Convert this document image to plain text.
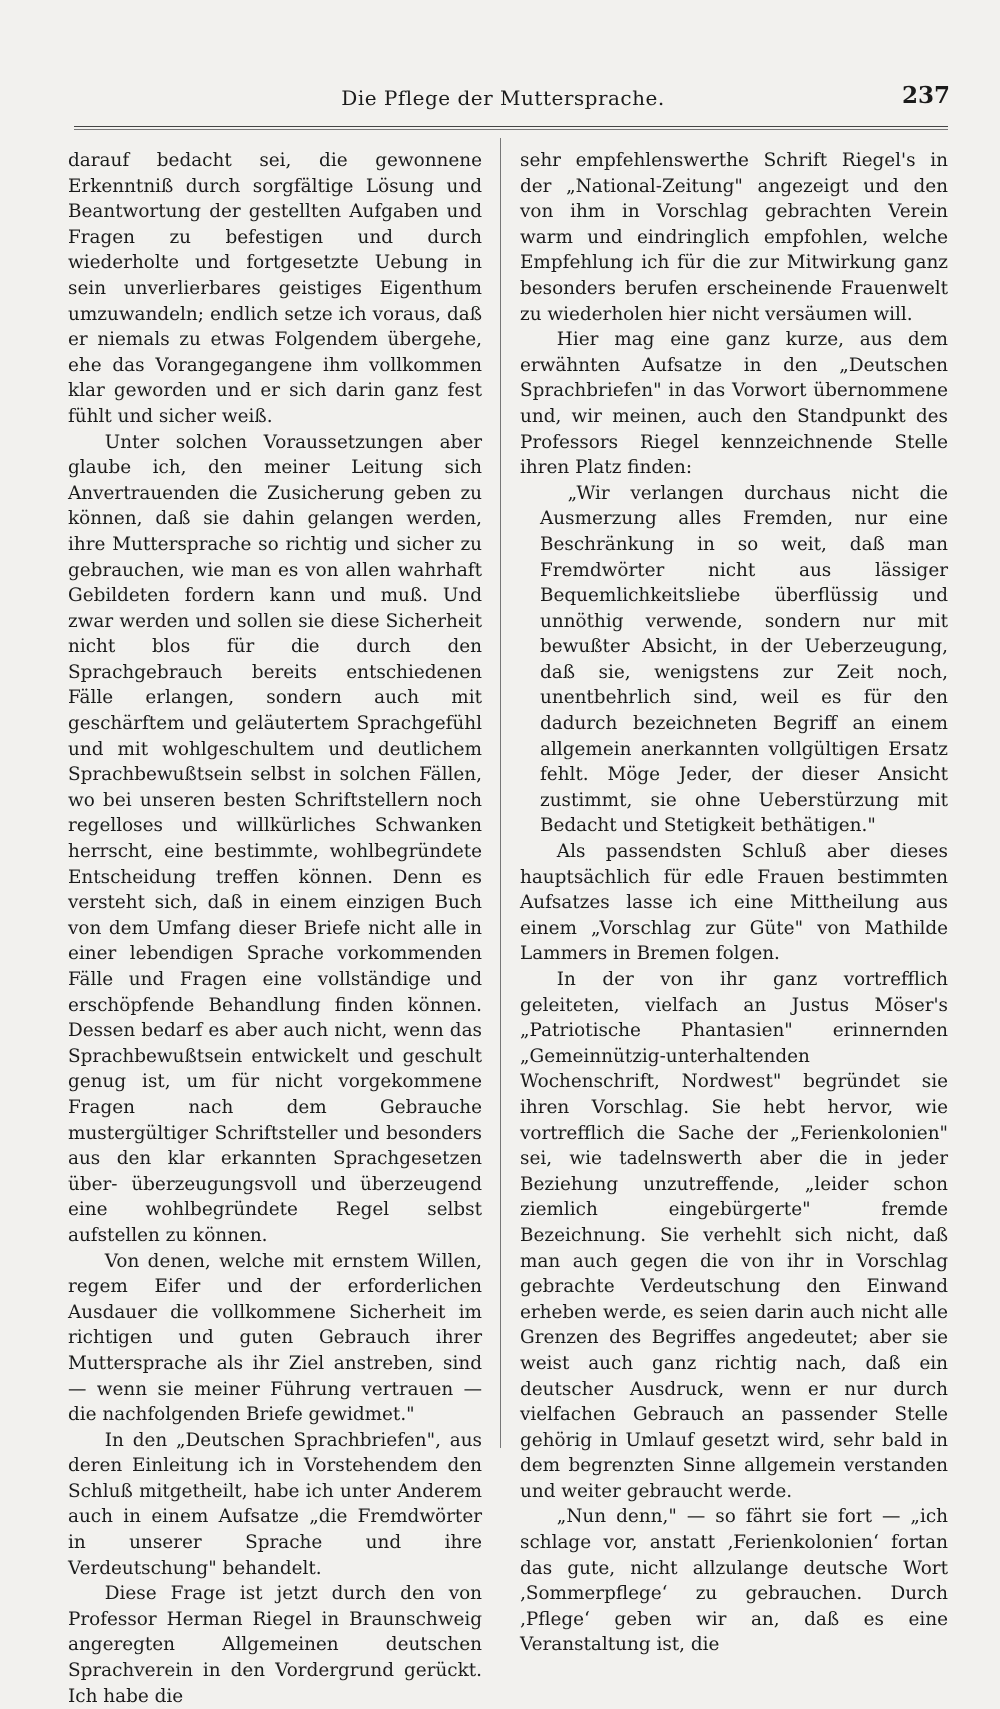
Die Pflege der Muttersprache.	237

darauf bedacht sei, die gewonnene Erkenntniß durch sorgfältige Lösung und Beantwortung der gestellten Aufgaben und Fragen zu befestigen und durch wiederholte und fortgesetzte Uebung in sein unverlierbares geistiges Eigenthum umzuwandeln; endlich setze ich voraus, daß er niemals zu etwas Folgendem übergehe, ehe das Vorangegangene ihm vollkommen klar geworden und er sich darin ganz fest fühlt und sicher weiß.

Unter solchen Voraussetzungen aber glaube ich, den meiner Leitung sich Anvertrauenden die Zusicherung geben zu können, daß sie dahin gelangen werden, ihre Muttersprache so richtig und sicher zu gebrauchen, wie man es von allen wahrhaft Gebildeten fordern kann und muß. Und zwar werden und sollen sie diese Sicherheit nicht blos für die durch den Sprachgebrauch bereits entschiedenen Fälle erlangen, sondern auch mit geschärftem und geläutertem Sprachgefühl und mit wohlgeschultem und deutlichem Sprachbewußtsein selbst in solchen Fällen, wo bei unseren besten Schriftstellern noch regelloses und willkürliches Schwanken herrscht, eine bestimmte, wohlbegründete Entscheidung treffen können. Denn es versteht sich, daß in einem einzigen Buch von dem Umfang dieser Briefe nicht alle in einer lebendigen Sprache vorkommenden Fälle und Fragen eine vollständige und erschöpfende Behandlung finden können. Dessen bedarf es aber auch nicht, wenn das Sprachbewußtsein entwickelt und geschult genug ist, um für nicht vorgekommene Fragen nach dem Gebrauche mustergültiger Schriftsteller und besonders aus den klar erkannten Sprachgesetzen über- überzeugungsvoll und überzeugend eine wohlbegründete Regel selbst aufstellen zu können.

Von denen, welche mit ernstem Willen, regem Eifer und der erforderlichen Ausdauer die vollkommene Sicherheit im richtigen und guten Gebrauch ihrer Muttersprache als ihr Ziel anstreben, sind — wenn sie meiner Führung vertrauen — die nachfolgenden Briefe gewidmet."

In den „Deutschen Sprachbriefen", aus deren Einleitung ich in Vorstehendem den Schluß mitgetheilt, habe ich unter Anderem auch in einem Aufsatze „die Fremdwörter in unserer Sprache und ihre Verdeutschung" behandelt.

Diese Frage ist jetzt durch den von Professor Herman Riegel in Braunschweig angeregten Allgemeinen deutschen Sprachverein in den Vordergrund gerückt. Ich habe die

sehr empfehlenswerthe Schrift Riegel's in der „National-Zeitung" angezeigt und den von ihm in Vorschlag gebrachten Verein warm und eindringlich empfohlen, welche Empfehlung ich für die zur Mitwirkung ganz besonders berufen erscheinende Frauenwelt zu wiederholen hier nicht versäumen will.

Hier mag eine ganz kurze, aus dem erwähnten Aufsatze in den „Deutschen Sprachbriefen" in das Vorwort übernommene und, wir meinen, auch den Standpunkt des Professors Riegel kennzeichnende Stelle ihren Platz finden:

„Wir verlangen durchaus nicht die Ausmerzung alles Fremden, nur eine Beschränkung in so weit, daß man Fremdwörter nicht aus lässiger Bequemlichkeitsliebe überflüssig und unnöthig verwende, sondern nur mit bewußter Absicht, in der Ueberzeugung, daß sie, wenigstens zur Zeit noch, unentbehrlich sind, weil es für den dadurch bezeichneten Begriff an einem allgemein anerkannten vollgültigen Ersatz fehlt. Möge Jeder, der dieser Ansicht zustimmt, sie ohne Ueberstürzung mit Bedacht und Stetigkeit bethätigen."

Als passendsten Schluß aber dieses hauptsächlich für edle Frauen bestimmten Aufsatzes lasse ich eine Mittheilung aus einem „Vorschlag zur Güte" von Mathilde Lammers in Bremen folgen.

In der von ihr ganz vortrefflich geleiteten, vielfach an Justus Möser's „Patriotische Phantasien" erinnernden „Gemeinnützig-unterhaltenden Wochenschrift, Nordwest" begründet sie ihren Vorschlag. Sie hebt hervor, wie vortrefflich die Sache der „Ferienkolonien" sei, wie tadelnswerth aber die in jeder Beziehung unzutreffende, „leider schon ziemlich eingebürgerte" fremde Bezeichnung. Sie verhehlt sich nicht, daß man auch gegen die von ihr in Vorschlag gebrachte Verdeutschung den Einwand erheben werde, es seien darin auch nicht alle Grenzen des Begriffes angedeutet; aber sie weist auch ganz richtig nach, daß ein deutscher Ausdruck, wenn er nur durch vielfachen Gebrauch an passender Stelle gehörig in Umlauf gesetzt wird, sehr bald in dem begrenzten Sinne allgemein verstanden und weiter gebraucht werde.

„Nun denn," — so fährt sie fort — „ich schlage vor, anstatt ‚Ferienkolonien‘ fortan das gute, nicht allzulange deutsche Wort ‚Sommerpflege‘ zu gebrauchen. Durch ‚Pflege‘ geben wir an, daß es eine Veranstaltung ist, die
